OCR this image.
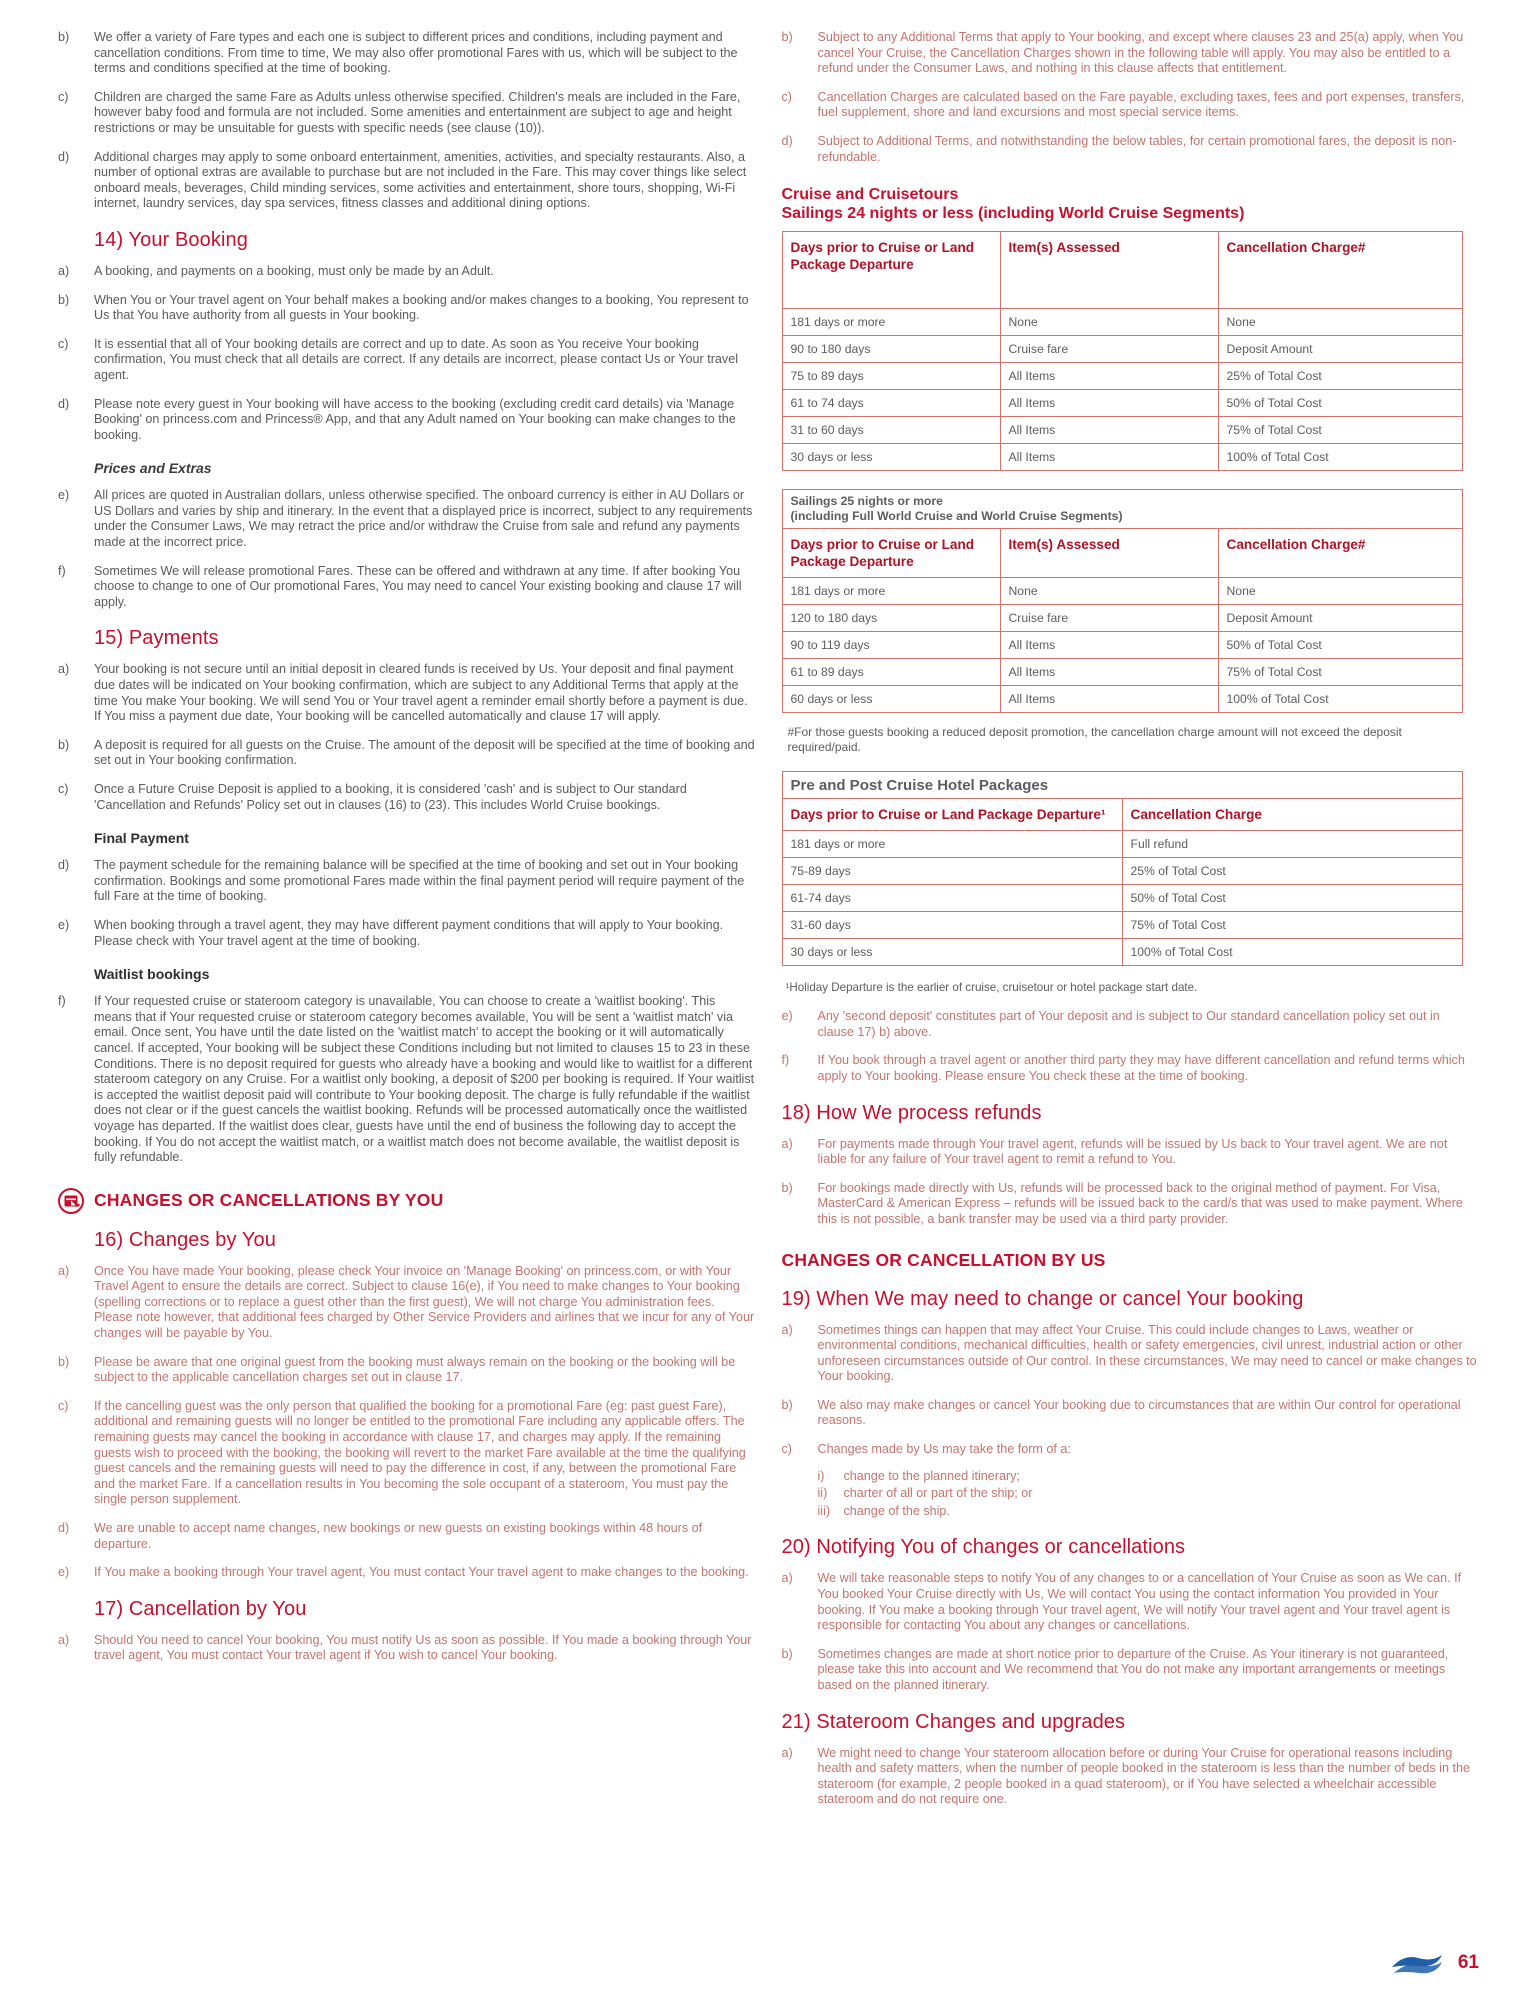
b)	We offer a variety of Fare types and each one is subject to different prices and conditions, including payment and cancellation conditions. From time to time, We may also offer promotional Fares with us, which will be subject to the terms and conditions specified at the time of booking.
c)	Children are charged the same Fare as Adults unless otherwise specified. Children's meals are included in the Fare, however baby food and formula are not included. Some amenities and entertainment are subject to age and height restrictions or may be unsuitable for guests with specific needs (see clause (10)).
d)	Additional charges may apply to some onboard entertainment, amenities, activities, and specialty restaurants. Also, a number of optional extras are available to purchase but are not included in the Fare. This may cover things like select onboard meals, beverages, Child minding services, some activities and entertainment, shore tours, shopping, Wi-Fi internet, laundry services, day spa services, fitness classes and additional dining options.
14) Your Booking
a)	A booking, and payments on a booking, must only be made by an Adult.
b)	When You or Your travel agent on Your behalf makes a booking and/or makes changes to a booking, You represent to Us that You have authority from all guests in Your booking.
c)	It is essential that all of Your booking details are correct and up to date. As soon as You receive Your booking confirmation, You must check that all details are correct. If any details are incorrect, please contact Us or Your travel agent.
d)	Please note every guest in Your booking will have access to the booking (excluding credit card details) via 'Manage Booking' on princess.com and Princess® App, and that any Adult named on Your booking can make changes to the booking.
Prices and Extras
e)	All prices are quoted in Australian dollars, unless otherwise specified. The onboard currency is either in AU Dollars or US Dollars and varies by ship and itinerary. In the event that a displayed price is incorrect, subject to any requirements under the Consumer Laws, We may retract the price and/or withdraw the Cruise from sale and refund any payments made at the incorrect price.
f)	Sometimes We will release promotional Fares. These can be offered and withdrawn at any time. If after booking You choose to change to one of Our promotional Fares, You may need to cancel Your existing booking and clause 17 will apply.
15) Payments
a)	Your booking is not secure until an initial deposit in cleared funds is received by Us. Your deposit and final payment due dates will be indicated on Your booking confirmation, which are subject to any Additional Terms that apply at the time You make Your booking. We will send You or Your travel agent a reminder email shortly before a payment is due. If You miss a payment due date, Your booking will be cancelled automatically and clause 17 will apply.
b)	A deposit is required for all guests on the Cruise. The amount of the deposit will be specified at the time of booking and set out in Your booking confirmation.
c)	Once a Future Cruise Deposit is applied to a booking, it is considered 'cash' and is subject to Our standard 'Cancellation and Refunds' Policy set out in clauses (16) to (23). This includes World Cruise bookings.
Final Payment
d)	The payment schedule for the remaining balance will be specified at the time of booking and set out in Your booking confirmation. Bookings and some promotional Fares made within the final payment period will require payment of the full Fare at the time of booking.
e)	When booking through a travel agent, they may have different payment conditions that will apply to Your booking. Please check with Your travel agent at the time of booking.
Waitlist bookings
f)	If Your requested cruise or stateroom category is unavailable, You can choose to create a 'waitlist booking'. This means that if Your requested cruise or stateroom category becomes available, You will be sent a 'waitlist match' via email. Once sent, You have until the date listed on the 'waitlist match' to accept the booking or it will automatically cancel. If accepted, Your booking will be subject these Conditions including but not limited to clauses 15 to 23 in these Conditions. There is no deposit required for guests who already have a booking and would like to waitlist for a different stateroom category on any Cruise. For a waitlist only booking, a deposit of $200 per booking is required. If Your waitlist is accepted the waitlist deposit paid will contribute to Your booking deposit. The charge is fully refundable if the waitlist does not clear or if the guest cancels the waitlist booking. Refunds will be processed automatically once the waitlisted voyage has departed. If the waitlist does clear, guests have until the end of business the following day to accept the booking. If You do not accept the waitlist match, or a waitlist match does not become available, the waitlist deposit is fully refundable.
CHANGES OR CANCELLATIONS BY YOU
16) Changes by You
a)	Once You have made Your booking, please check Your invoice on 'Manage Booking' on princess.com, or with Your Travel Agent to ensure the details are correct. Subject to clause 16(e), if You need to make changes to Your booking (spelling corrections or to replace a guest other than the first guest), We will not charge You administration fees. Please note however, that additional fees charged by Other Service Providers and airlines that we incur for any of Your changes will be payable by You.
b)	Please be aware that one original guest from the booking must always remain on the booking or the booking will be subject to the applicable cancellation charges set out in clause 17.
c)	If the cancelling guest was the only person that qualified the booking for a promotional Fare (eg: past guest Fare), additional and remaining guests will no longer be entitled to the promotional Fare including any applicable offers. The remaining guests may cancel the booking in accordance with clause 17, and charges may apply. If the remaining guests wish to proceed with the booking, the booking will revert to the market Fare available at the time the qualifying guest cancels and the remaining guests will need to pay the difference in cost, if any, between the promotional Fare and the market Fare. If a cancellation results in You becoming the sole occupant of a stateroom, You must pay the single person supplement.
d)	We are unable to accept name changes, new bookings or new guests on existing bookings within 48 hours of departure.
e)	If You make a booking through Your travel agent, You must contact Your travel agent to make changes to the booking.
17) Cancellation by You
a)	Should You need to cancel Your booking, You must notify Us as soon as possible. If You made a booking through Your travel agent, You must contact Your travel agent if You wish to cancel Your booking.
b)	Subject to any Additional Terms that apply to Your booking, and except where clauses 23 and 25(a) apply, when You cancel Your Cruise, the Cancellation Charges shown in the following table will apply. You may also be entitled to a refund under the Consumer Laws, and nothing in this clause affects that entitlement.
c)	Cancellation Charges are calculated based on the Fare payable, excluding taxes, fees and port expenses, transfers, fuel supplement, shore and land excursions and most special service items.
d)	Subject to Additional Terms, and notwithstanding the below tables, for certain promotional fares, the deposit is non-refundable.
Cruise and Cruisetours
Sailings 24 nights or less (including World Cruise Segments)
Days prior to Cruise or Land Package Departure	Item(s) Assessed	Cancellation Charge#
181 days or more	None	None
90 to 180 days	Cruise fare	Deposit Amount
75 to 89 days	All Items	25% of Total Cost
61 to 74 days	All Items	50% of Total Cost
31 to 60 days	All Items	75% of Total Cost
30 days or less	All Items	100% of Total Cost
Sailings 25 nights or more
(including Full World Cruise and World Cruise Segments)		

Days prior to Cruise or Land Package Departure	Item(s) Assessed	Cancellation Charge#
181 days or more	None	None
120 to 180 days	Cruise fare	Deposit Amount
90 to 119 days	All Items	50% of Total Cost
61 to 89 days	All Items	75% of Total Cost
60 days or less	All Items	100% of Total Cost
#For those guests booking a reduced deposit promotion, the cancellation charge amount will not exceed the deposit required/paid.
Pre and Post Cruise Hotel Packages	
Days prior to Cruise or Land Package Departure¹	Cancellation Charge
181 days or more	Full refund
75-89 days	25% of Total Cost
61-74 days	50% of Total Cost
31-60 days	75% of Total Cost
30 days or less	100% of Total Cost
¹Holiday Departure is the earlier of cruise, cruisetour or hotel package start date.
e)	Any 'second deposit' constitutes part of Your deposit and is subject to Our standard cancellation policy set out in clause 17) b) above.
f)	If You book through a travel agent or another third party they may have different cancellation and refund terms which apply to Your booking. Please ensure You check these at the time of booking.
18) How We process refunds
a)	For payments made through Your travel agent, refunds will be issued by Us back to Your travel agent. We are not liable for any failure of Your travel agent to remit a refund to You.
b)	For bookings made directly with Us, refunds will be processed back to the original method of payment. For Visa, MasterCard & American Express – refunds will be issued back to the card/s that was used to make payment. Where this is not possible, a bank transfer may be used via a third party provider.
CHANGES OR CANCELLATION BY US
19) When We may need to change or cancel Your booking
a)	Sometimes things can happen that may affect Your Cruise. This could include changes to Laws, weather or environmental conditions, mechanical difficulties, health or safety emergencies, civil unrest, industrial action or other unforeseen circumstances outside of Our control. In these circumstances, We may need to cancel or make changes to Your booking.
b)	We also may make changes or cancel Your booking due to circumstances that are within Our control for operational reasons.
c)	Changes made by Us may take the form of a:
i)	change to the planned itinerary;
ii)	charter of all or part of the ship; or
iii)	change of the ship.
20) Notifying You of changes or cancellations
a)	We will take reasonable steps to notify You of any changes to or a cancellation of Your Cruise as soon as We can. If You booked Your Cruise directly with Us, We will contact You using the contact information You provided in Your booking. If You make a booking through Your travel agent, We will notify Your travel agent and Your travel agent is responsible for contacting You about any changes or cancellations.
b)	Sometimes changes are made at short notice prior to departure of the Cruise. As Your itinerary is not guaranteed, please take this into account and We recommend that You do not make any important arrangements or meetings based on the planned itinerary.
21) Stateroom Changes and upgrades
a)	We might need to change Your stateroom allocation before or during Your Cruise for operational reasons including health and safety matters, when the number of people booked in the stateroom is less than the number of beds in the stateroom (for example, 2 people booked in a quad stateroom), or if You have selected a wheelchair accessible stateroom and do not require one.
61
